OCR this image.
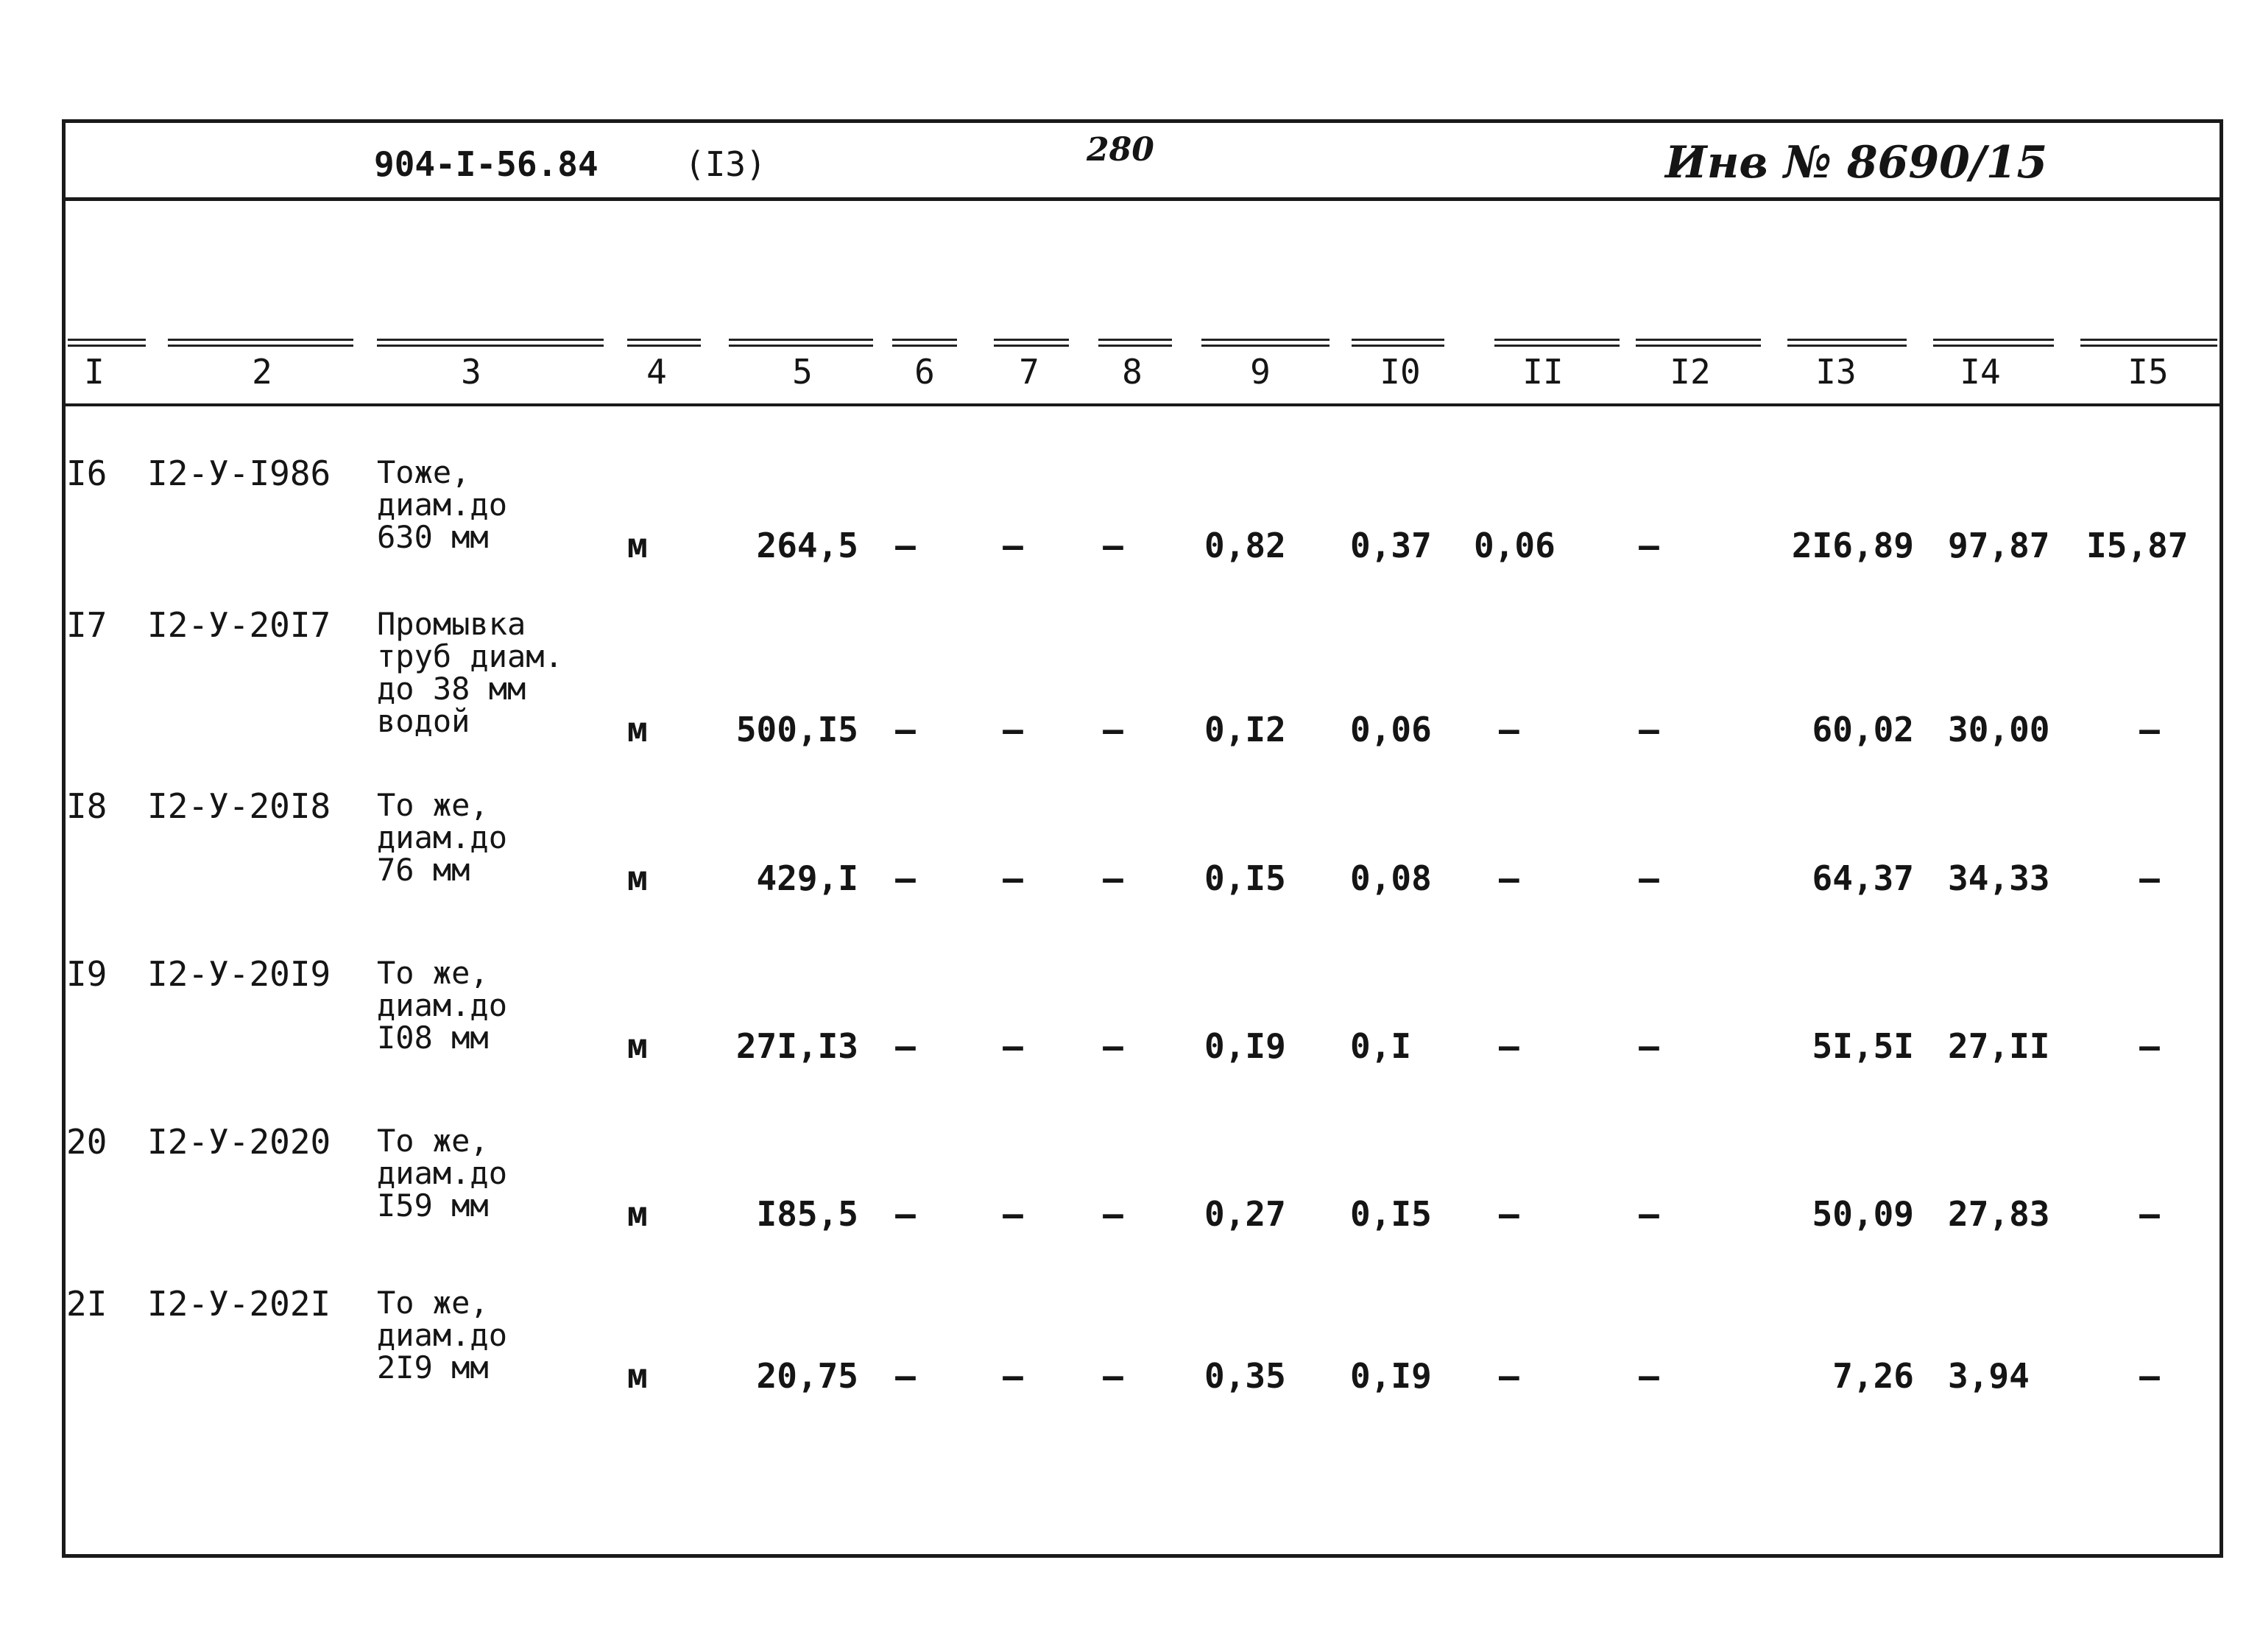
904-I-56.84	(I3)	280	Инв № 8690/15
I	2	3	4	5	6	7	8	9	I0	II	I2	I3	I4	I5
I6 I2-У-I986 Тоже,
диам.до
630 мм	м	264,5	–	–	–	0,82 0,37 0,06	–	2I6,89 97,87 I5,87
I7 I2-У-20I7 Промывка
труб диам.
до 38 мм
водой	м	500,I5	–	–	–	0,I2 0,06 –	–	60,02 30,00	–
I8 I2-У-20I8 То же,
диам.до
76 мм	м	429,I	–	–	–	0,I5 0,08 –	–	64,37 34,33	–
I9 I2-У-20I9 То же,
диам.до
I08 мм	м	27I,I3	–	–	–	0,I9 0,I	–	–	5I,5I 27,II	–
20 I2-У-2020 То же,
диам.до
I59 мм	м	I85,5	–	–	–	0,27 0,I5 –	–	50,09 27,83	–
2I I2-У-202I То же,
диам.до
2I9 мм	м	20,75	–	–	–	0,35 0,I9 –	–	7,26 3,94	–
